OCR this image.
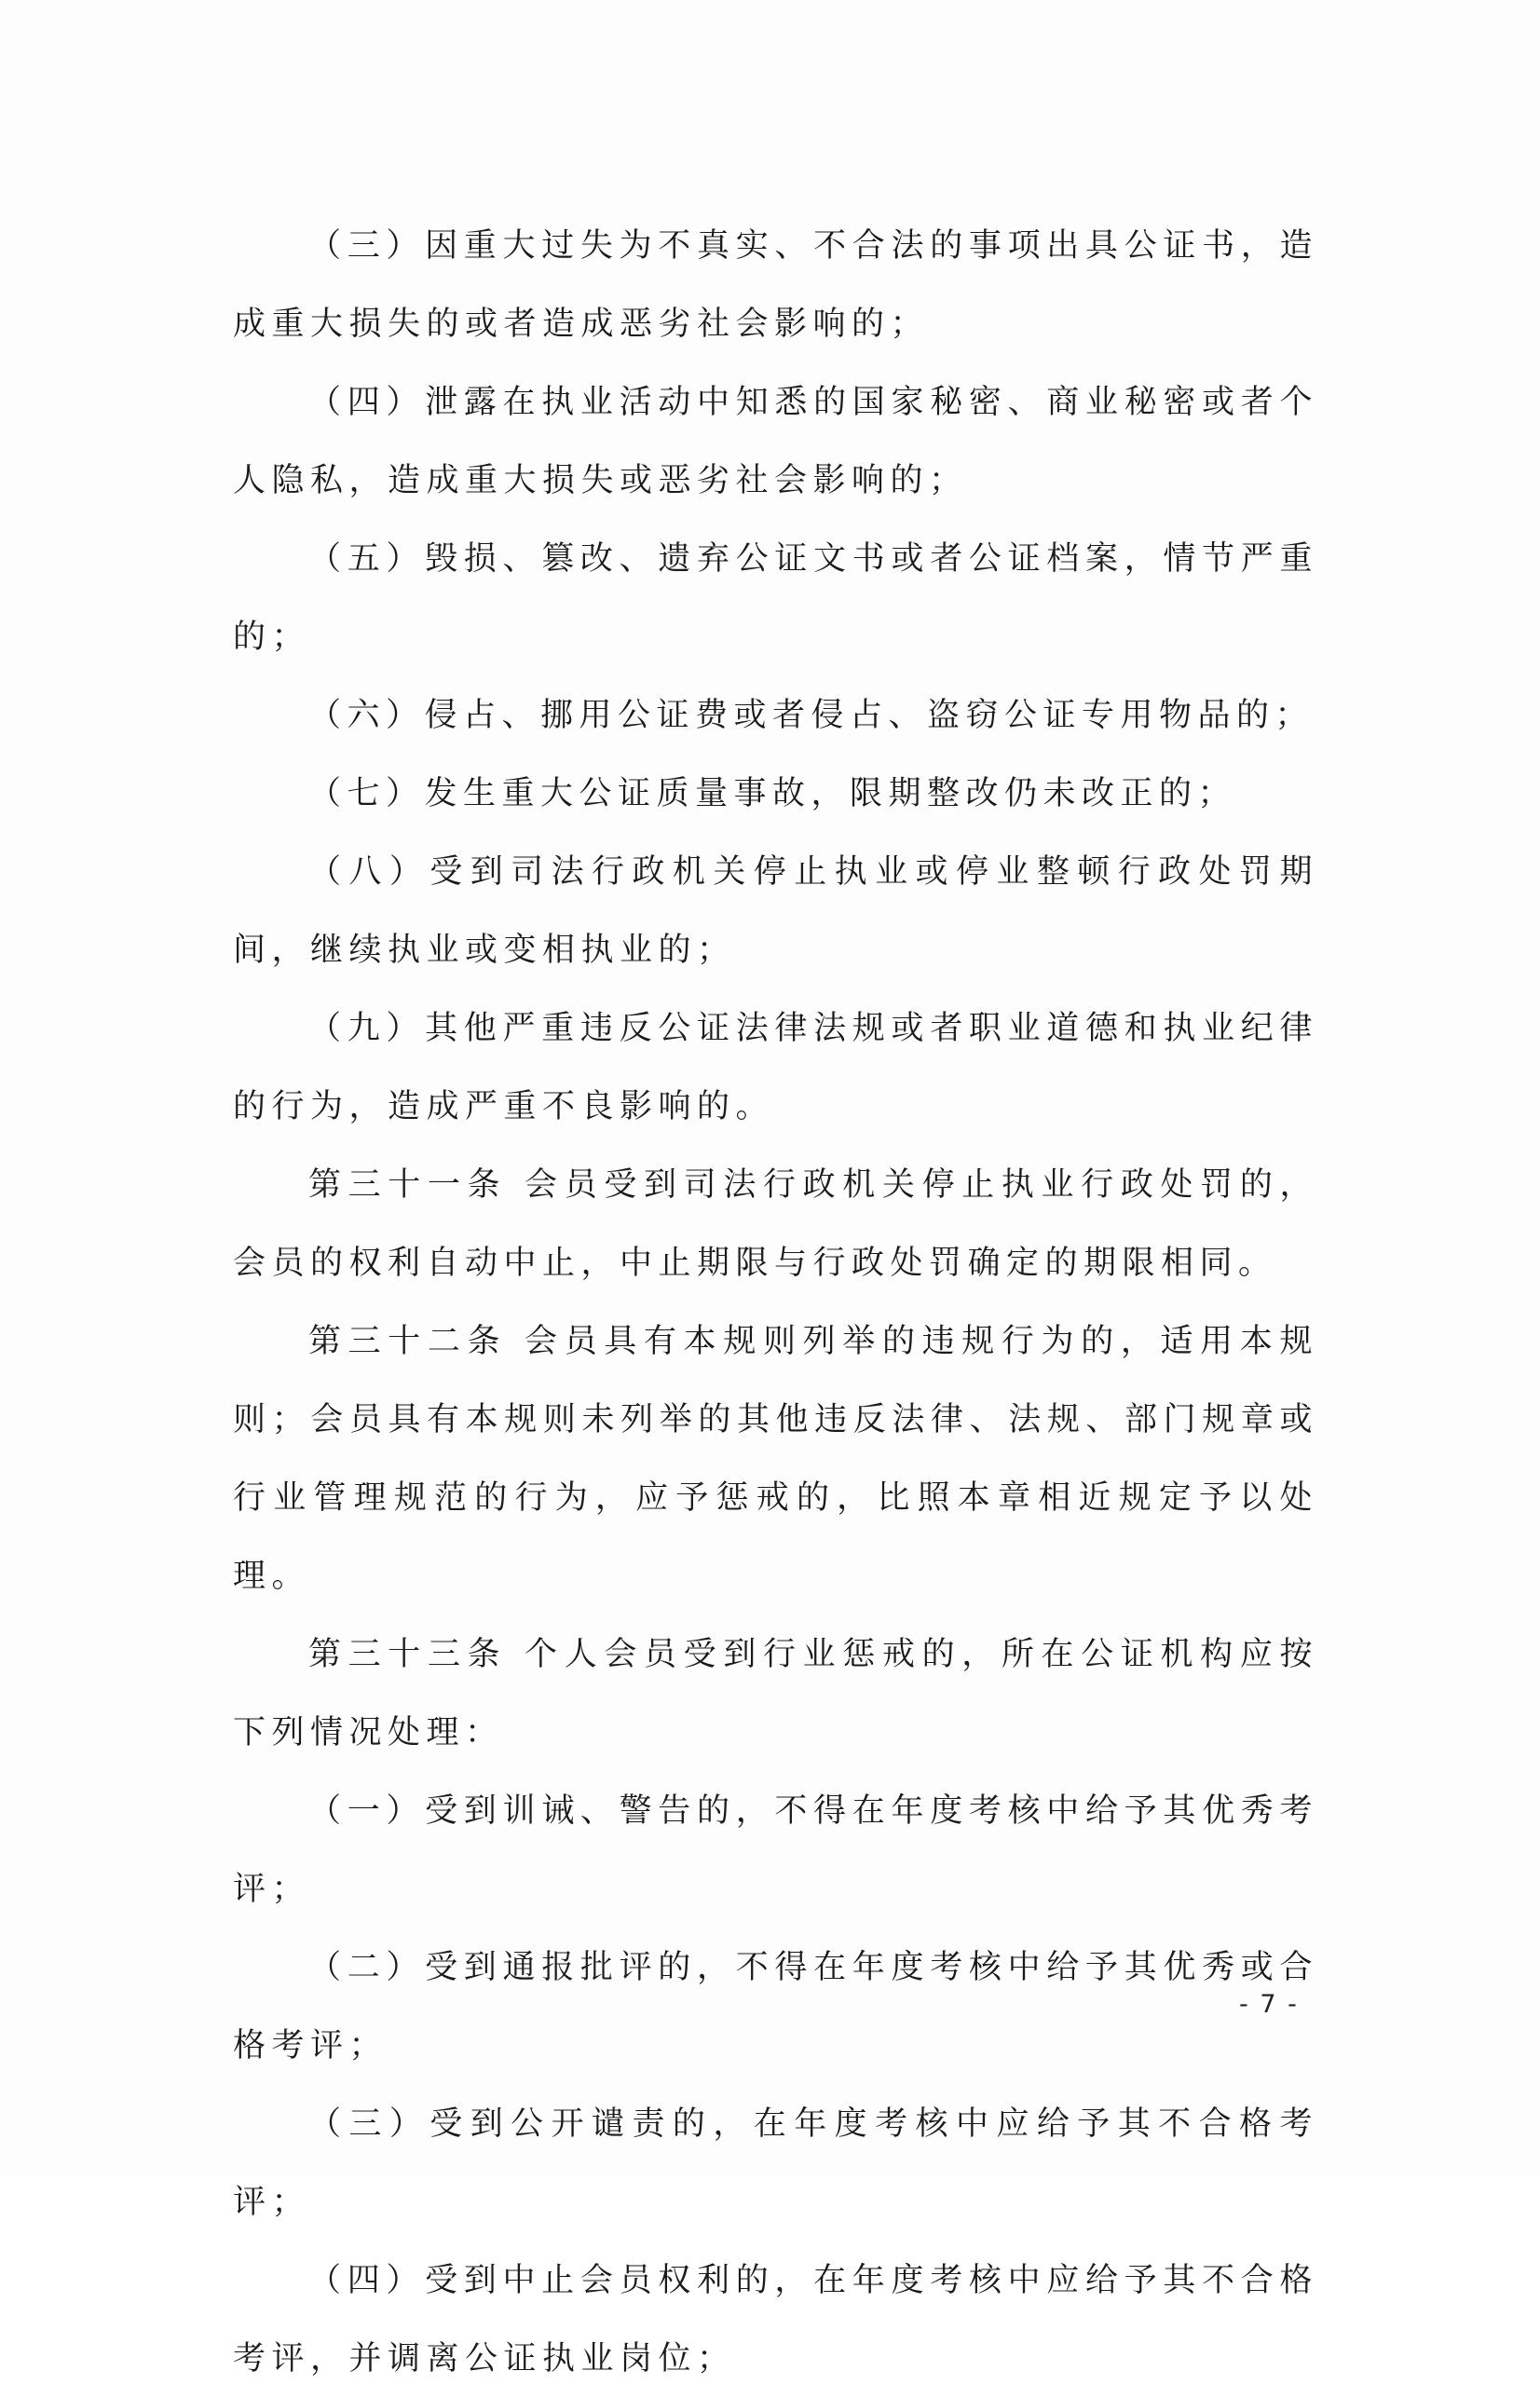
（三）因重大过失为不真实、不合法的事项出具公证书，造成重大损失的或者造成恶劣社会影响的；

（四）泄露在执业活动中知悉的国家秘密、商业秘密或者个人隐私，造成重大损失或恶劣社会影响的；

（五）毁损、篡改、遗弃公证文书或者公证档案，情节严重的；

（六）侵占、挪用公证费或者侵占、盗窃公证专用物品的；

（七）发生重大公证质量事故，限期整改仍未改正的；

（八）受到司法行政机关停止执业或停业整顿行政处罚期间，继续执业或变相执业的；

（九）其他严重违反公证法律法规或者职业道德和执业纪律的行为，造成严重不良影响的。

第三十一条 会员受到司法行政机关停止执业行政处罚的，会员的权利自动中止，中止期限与行政处罚确定的期限相同。

第三十二条 会员具有本规则列举的违规行为的，适用本规则；会员具有本规则未列举的其他违反法律、法规、部门规章或行业管理规范的行为，应予惩戒的，比照本章相近规定予以处理。

第三十三条 个人会员受到行业惩戒的，所在公证机构应按下列情况处理：

（一）受到训诫、警告的，不得在年度考核中给予其优秀考评；

（二）受到通报批评的，不得在年度考核中给予其优秀或合格考评；

（三）受到公开谴责的，在年度考核中应给予其不合格考评；

（四）受到中止会员权利的，在年度考核中应给予其不合格考评，并调离公证执业岗位；

- 7 -
